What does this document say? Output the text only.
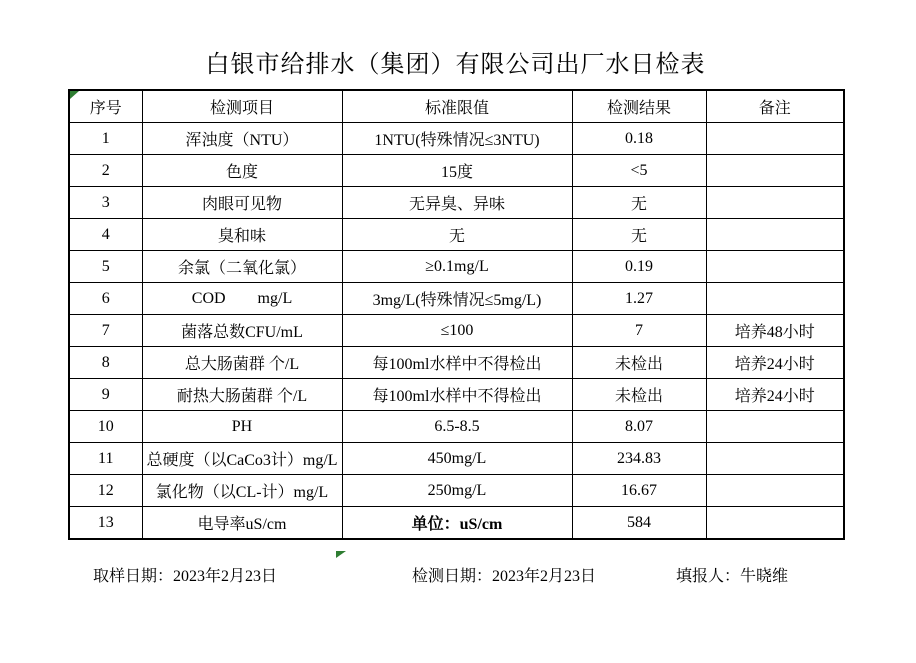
白银市给排水（集团）有限公司出厂水日检表
序号	检测项目	标准限值	检测结果	备注
1	浑浊度（NTU）	1NTU(特殊情况≤3NTU)	0.18	
2	色度	15度	<5	
3	肉眼可见物	无异臭、异味	无	
4	臭和味	无	无	
5	余氯（二氧化氯）	≥0.1mg/L	0.19	
6	COD        mg/L	3mg/L(特殊情况≤5mg/L)	1.27	
7	菌落总数CFU/mL	≤100	7	培养48小时
8	总大肠菌群 个/L	每100ml水样中不得检出	未检出	培养24小时
9	耐热大肠菌群 个/L	每100ml水样中不得检出	未检出	培养24小时
10	PH	6.5-8.5	8.07	
11	总硬度（以CaCo3计）mg/L	450mg/L	234.83	
12	氯化物（以CL-计）mg/L	250mg/L	16.67	
13	电导率uS/cm	单位：uS/cm	584	
取样日期：2023年2月23日	检测日期：2023年2月23日	填报人：牛晓维
